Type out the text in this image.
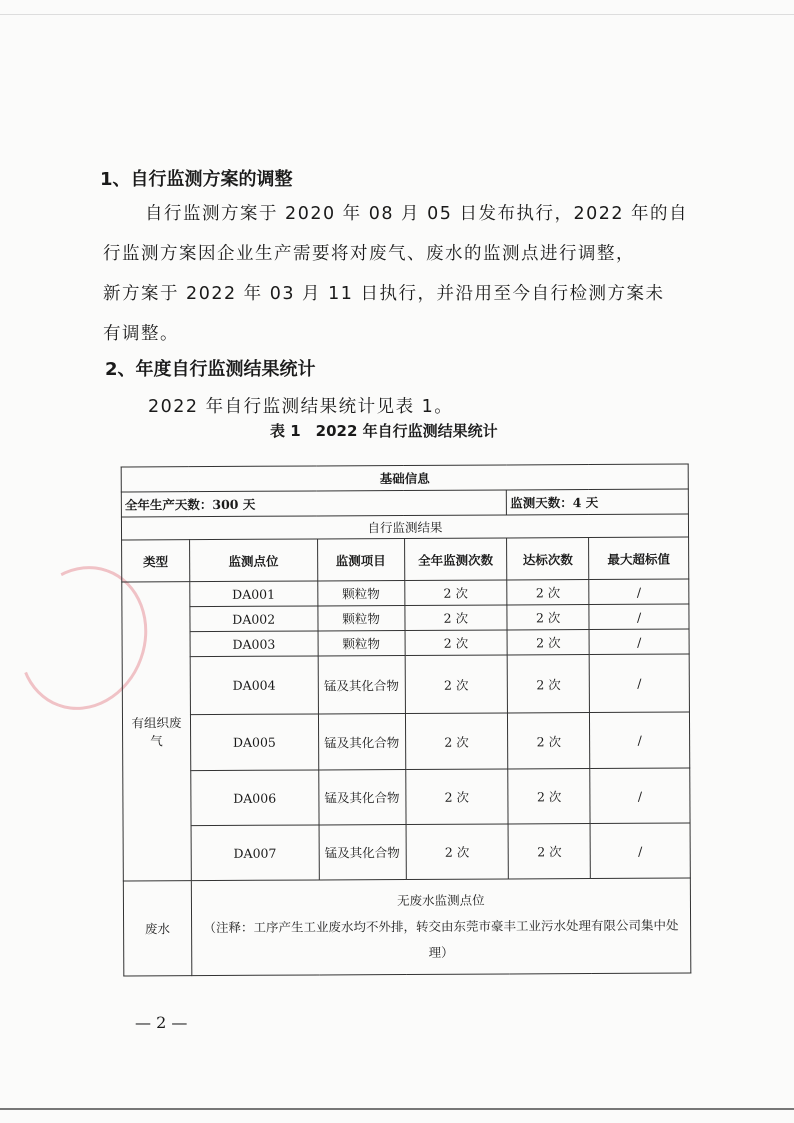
1、自行监测方案的调整
自行监测方案于 2020 年 08 月 05 日发布执行，2022 年的自
行监测方案因企业生产需要将对废气、废水的监测点进行调整，
新方案于 2022 年 03 月 11 日执行，并沿用至今自行检测方案未
有调整。
2、年度自行监测结果统计
2022 年自行监测结果统计见表 1。
表 1　2022 年自行监测结果统计
基础信息					
全年生产天数：300 天				监测天数：4 天	
自行监测结果					
类型	监测点位	监测项目	全年监测次数	达标次数	最大超标值
有组织废气	DA001	颗粒物	2 次	2 次	/
	DA002	颗粒物	2 次	2 次	/
	DA003	颗粒物	2 次	2 次	/
	DA004	锰及其化合物	2 次	2 次	/
	DA005	锰及其化合物	2 次	2 次	/
	DA006	锰及其化合物	2 次	2 次	/
	DA007	锰及其化合物	2 次	2 次	/
废水	无废水监测点位
（注释：工序产生工业废水均不外排，转交由东莞市豪丰工业污水处理有限公司集中处理）				
— 2 —
